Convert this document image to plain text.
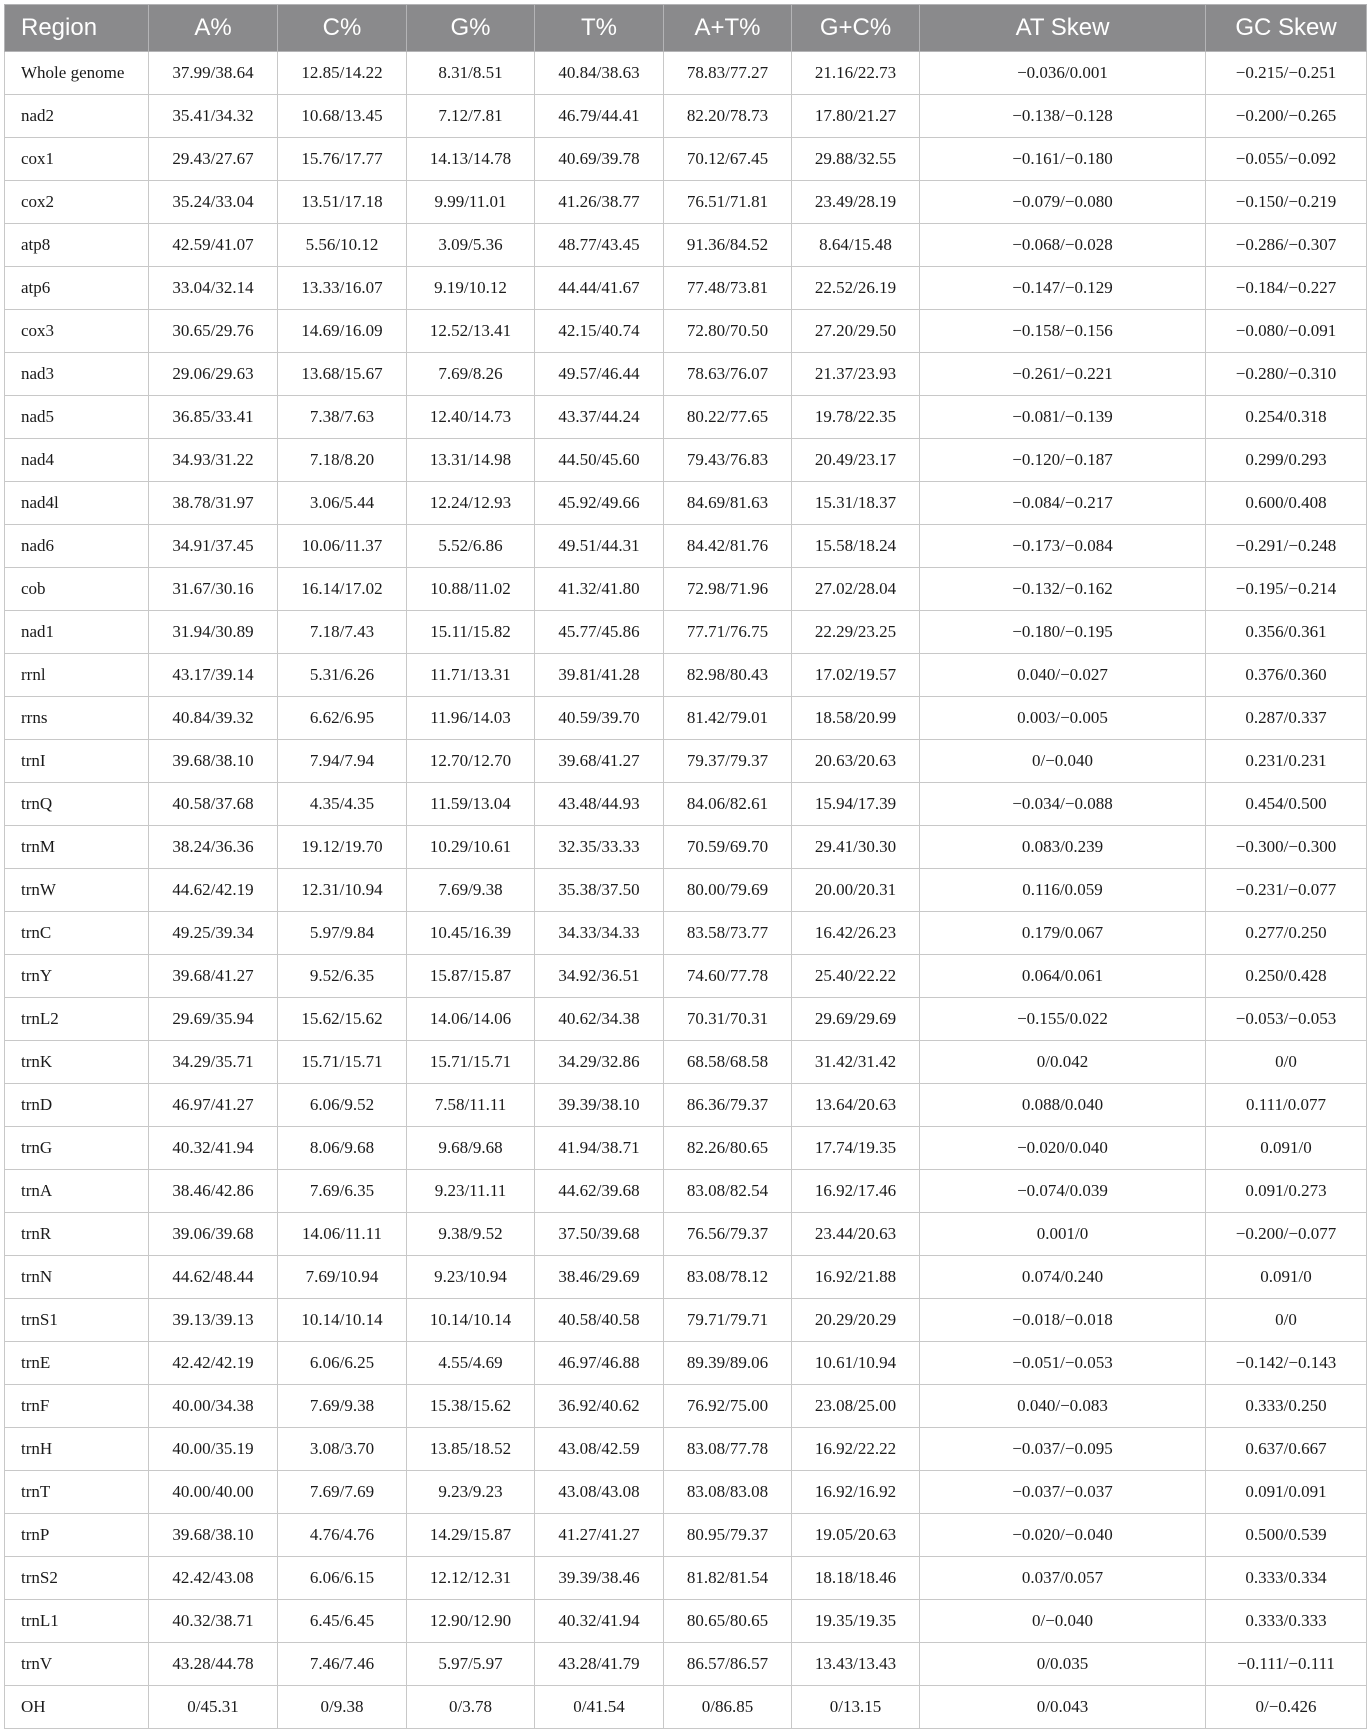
Region	A%	C%	G%	T%	A+T%	G+C%	AT Skew	GC Skew
Whole genome	37.99/38.64	12.85/14.22	8.31/8.51	40.84/38.63	78.83/77.27	21.16/22.73	−0.036/0.001	−0.215/−0.251
nad2	35.41/34.32	10.68/13.45	7.12/7.81	46.79/44.41	82.20/78.73	17.80/21.27	−0.138/−0.128	−0.200/−0.265
cox1	29.43/27.67	15.76/17.77	14.13/14.78	40.69/39.78	70.12/67.45	29.88/32.55	−0.161/−0.180	−0.055/−0.092
cox2	35.24/33.04	13.51/17.18	9.99/11.01	41.26/38.77	76.51/71.81	23.49/28.19	−0.079/−0.080	−0.150/−0.219
atp8	42.59/41.07	5.56/10.12	3.09/5.36	48.77/43.45	91.36/84.52	8.64/15.48	−0.068/−0.028	−0.286/−0.307
atp6	33.04/32.14	13.33/16.07	9.19/10.12	44.44/41.67	77.48/73.81	22.52/26.19	−0.147/−0.129	−0.184/−0.227
cox3	30.65/29.76	14.69/16.09	12.52/13.41	42.15/40.74	72.80/70.50	27.20/29.50	−0.158/−0.156	−0.080/−0.091
nad3	29.06/29.63	13.68/15.67	7.69/8.26	49.57/46.44	78.63/76.07	21.37/23.93	−0.261/−0.221	−0.280/−0.310
nad5	36.85/33.41	7.38/7.63	12.40/14.73	43.37/44.24	80.22/77.65	19.78/22.35	−0.081/−0.139	0.254/0.318
nad4	34.93/31.22	7.18/8.20	13.31/14.98	44.50/45.60	79.43/76.83	20.49/23.17	−0.120/−0.187	0.299/0.293
nad4l	38.78/31.97	3.06/5.44	12.24/12.93	45.92/49.66	84.69/81.63	15.31/18.37	−0.084/−0.217	0.600/0.408
nad6	34.91/37.45	10.06/11.37	5.52/6.86	49.51/44.31	84.42/81.76	15.58/18.24	−0.173/−0.084	−0.291/−0.248
cob	31.67/30.16	16.14/17.02	10.88/11.02	41.32/41.80	72.98/71.96	27.02/28.04	−0.132/−0.162	−0.195/−0.214
nad1	31.94/30.89	7.18/7.43	15.11/15.82	45.77/45.86	77.71/76.75	22.29/23.25	−0.180/−0.195	0.356/0.361
rrnl	43.17/39.14	5.31/6.26	11.71/13.31	39.81/41.28	82.98/80.43	17.02/19.57	0.040/−0.027	0.376/0.360
rrns	40.84/39.32	6.62/6.95	11.96/14.03	40.59/39.70	81.42/79.01	18.58/20.99	0.003/−0.005	0.287/0.337
trnI	39.68/38.10	7.94/7.94	12.70/12.70	39.68/41.27	79.37/79.37	20.63/20.63	0/−0.040	0.231/0.231
trnQ	40.58/37.68	4.35/4.35	11.59/13.04	43.48/44.93	84.06/82.61	15.94/17.39	−0.034/−0.088	0.454/0.500
trnM	38.24/36.36	19.12/19.70	10.29/10.61	32.35/33.33	70.59/69.70	29.41/30.30	0.083/0.239	−0.300/−0.300
trnW	44.62/42.19	12.31/10.94	7.69/9.38	35.38/37.50	80.00/79.69	20.00/20.31	0.116/0.059	−0.231/−0.077
trnC	49.25/39.34	5.97/9.84	10.45/16.39	34.33/34.33	83.58/73.77	16.42/26.23	0.179/0.067	0.277/0.250
trnY	39.68/41.27	9.52/6.35	15.87/15.87	34.92/36.51	74.60/77.78	25.40/22.22	0.064/0.061	0.250/0.428
trnL2	29.69/35.94	15.62/15.62	14.06/14.06	40.62/34.38	70.31/70.31	29.69/29.69	−0.155/0.022	−0.053/−0.053
trnK	34.29/35.71	15.71/15.71	15.71/15.71	34.29/32.86	68.58/68.58	31.42/31.42	0/0.042	0/0
trnD	46.97/41.27	6.06/9.52	7.58/11.11	39.39/38.10	86.36/79.37	13.64/20.63	0.088/0.040	0.111/0.077
trnG	40.32/41.94	8.06/9.68	9.68/9.68	41.94/38.71	82.26/80.65	17.74/19.35	−0.020/0.040	0.091/0
trnA	38.46/42.86	7.69/6.35	9.23/11.11	44.62/39.68	83.08/82.54	16.92/17.46	−0.074/0.039	0.091/0.273
trnR	39.06/39.68	14.06/11.11	9.38/9.52	37.50/39.68	76.56/79.37	23.44/20.63	0.001/0	−0.200/−0.077
trnN	44.62/48.44	7.69/10.94	9.23/10.94	38.46/29.69	83.08/78.12	16.92/21.88	0.074/0.240	0.091/0
trnS1	39.13/39.13	10.14/10.14	10.14/10.14	40.58/40.58	79.71/79.71	20.29/20.29	−0.018/−0.018	0/0
trnE	42.42/42.19	6.06/6.25	4.55/4.69	46.97/46.88	89.39/89.06	10.61/10.94	−0.051/−0.053	−0.142/−0.143
trnF	40.00/34.38	7.69/9.38	15.38/15.62	36.92/40.62	76.92/75.00	23.08/25.00	0.040/−0.083	0.333/0.250
trnH	40.00/35.19	3.08/3.70	13.85/18.52	43.08/42.59	83.08/77.78	16.92/22.22	−0.037/−0.095	0.637/0.667
trnT	40.00/40.00	7.69/7.69	9.23/9.23	43.08/43.08	83.08/83.08	16.92/16.92	−0.037/−0.037	0.091/0.091
trnP	39.68/38.10	4.76/4.76	14.29/15.87	41.27/41.27	80.95/79.37	19.05/20.63	−0.020/−0.040	0.500/0.539
trnS2	42.42/43.08	6.06/6.15	12.12/12.31	39.39/38.46	81.82/81.54	18.18/18.46	0.037/0.057	0.333/0.334
trnL1	40.32/38.71	6.45/6.45	12.90/12.90	40.32/41.94	80.65/80.65	19.35/19.35	0/−0.040	0.333/0.333
trnV	43.28/44.78	7.46/7.46	5.97/5.97	43.28/41.79	86.57/86.57	13.43/13.43	0/0.035	−0.111/−0.111
OH	0/45.31	0/9.38	0/3.78	0/41.54	0/86.85	0/13.15	0/0.043	0/−0.426
